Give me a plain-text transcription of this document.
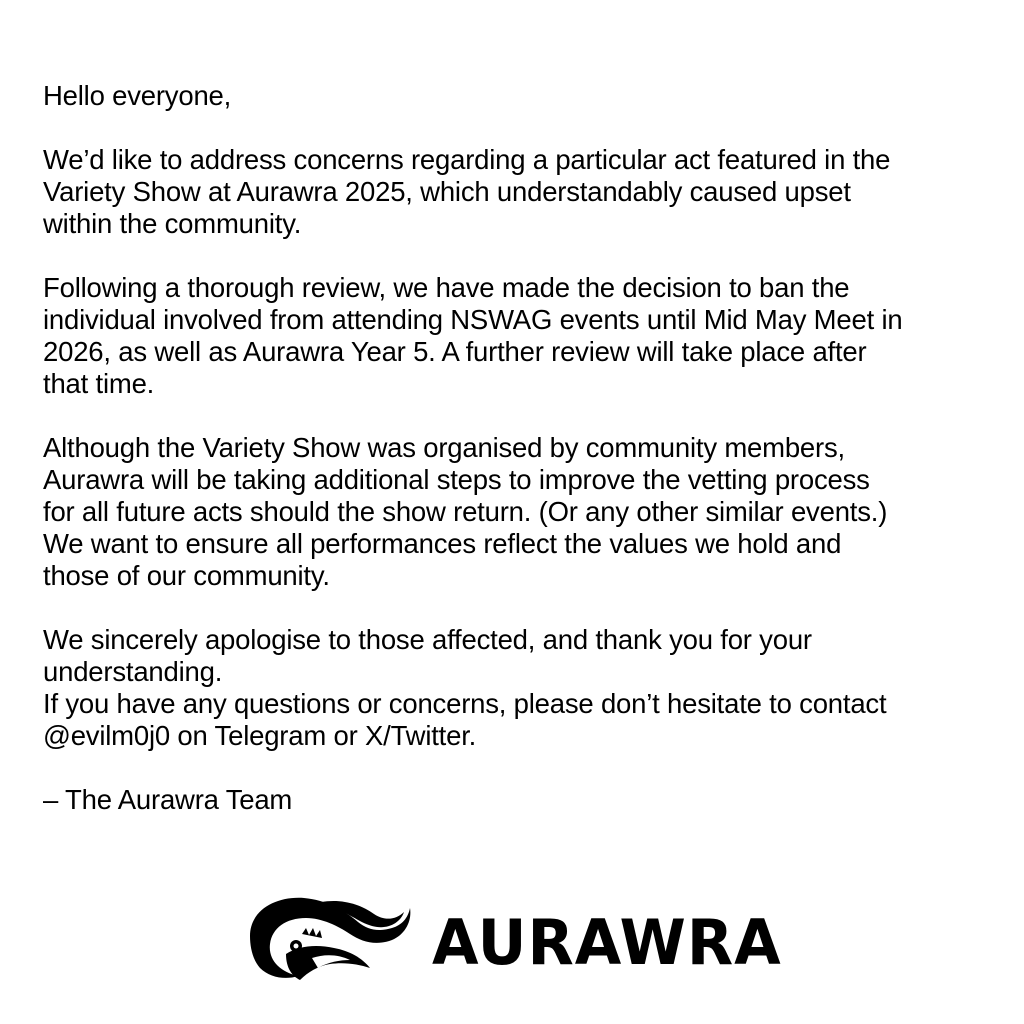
Hello everyone,

We’d like to address concerns regarding a particular act featured in the
Variety Show at Aurawra 2025, which understandably caused upset
within the community.

Following a thorough review, we have made the decision to ban the
individual involved from attending NSWAG events until Mid May Meet in
2026, as well as Aurawra Year 5. A further review will take place after
that time.

Although the Variety Show was organised by community members,
Aurawra will be taking additional steps to improve the vetting process
for all future acts should the show return. (Or any other similar events.)
We want to ensure all performances reflect the values we hold and
those of our community.

We sincerely apologise to those affected, and thank you for your
understanding.
If you have any questions or concerns, please don’t hesitate to contact
@evilm0j0 on Telegram or X/Twitter.

– The Aurawra Team

AURAWRA
